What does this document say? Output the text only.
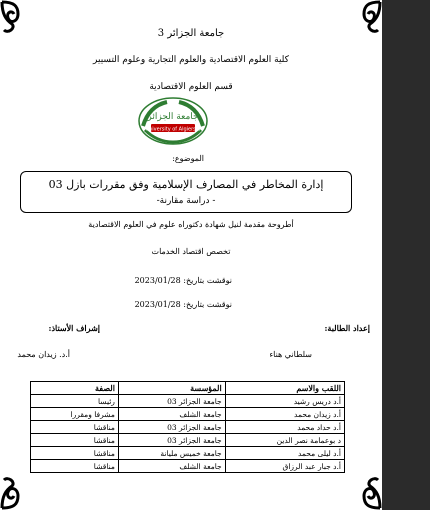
جامعة الجزائر 3
كلية العلوم الاقتصادية والعلوم التجارية وعلوم التسيير
قسم العلوم الاقتصادية
جامعة الجزائر
University of Algiers 3
الموضوع:
إدارة المخاطر في المصارف الإسلامية وفق مقررات بازل 03
- دراسة مقارنة-
أطروحة مقدمة لنيل شهادة دكتوراه علوم في العلوم الاقتصادية
تخصص اقتصاد الخدمات
نوقشت بتاريخ: 2023/01/28
نوقشت بتاريخ: 2023/01/28
إعداد الطالبة:
إشراف الأستاذ:
سلطاني هناء
أ.د. زيدان محمد
اللقب والاسم	المؤسسة	الصفة
أ.د دريس رشيد	جامعة الجزائر 03	رئيسا
أ.د زيدان محمد	جامعة الشلف	مشرفا ومقررا
أ.د حداد محمد	جامعة الجزائر 03	مناقشا
د بوعمامة نصر الدين	جامعة الجزائر 03	مناقشا
أ.د ليلى محمد	جامعة خميس مليانة	مناقشا
أ.د جبار عبد الرزاق	جامعة الشلف	مناقشا
